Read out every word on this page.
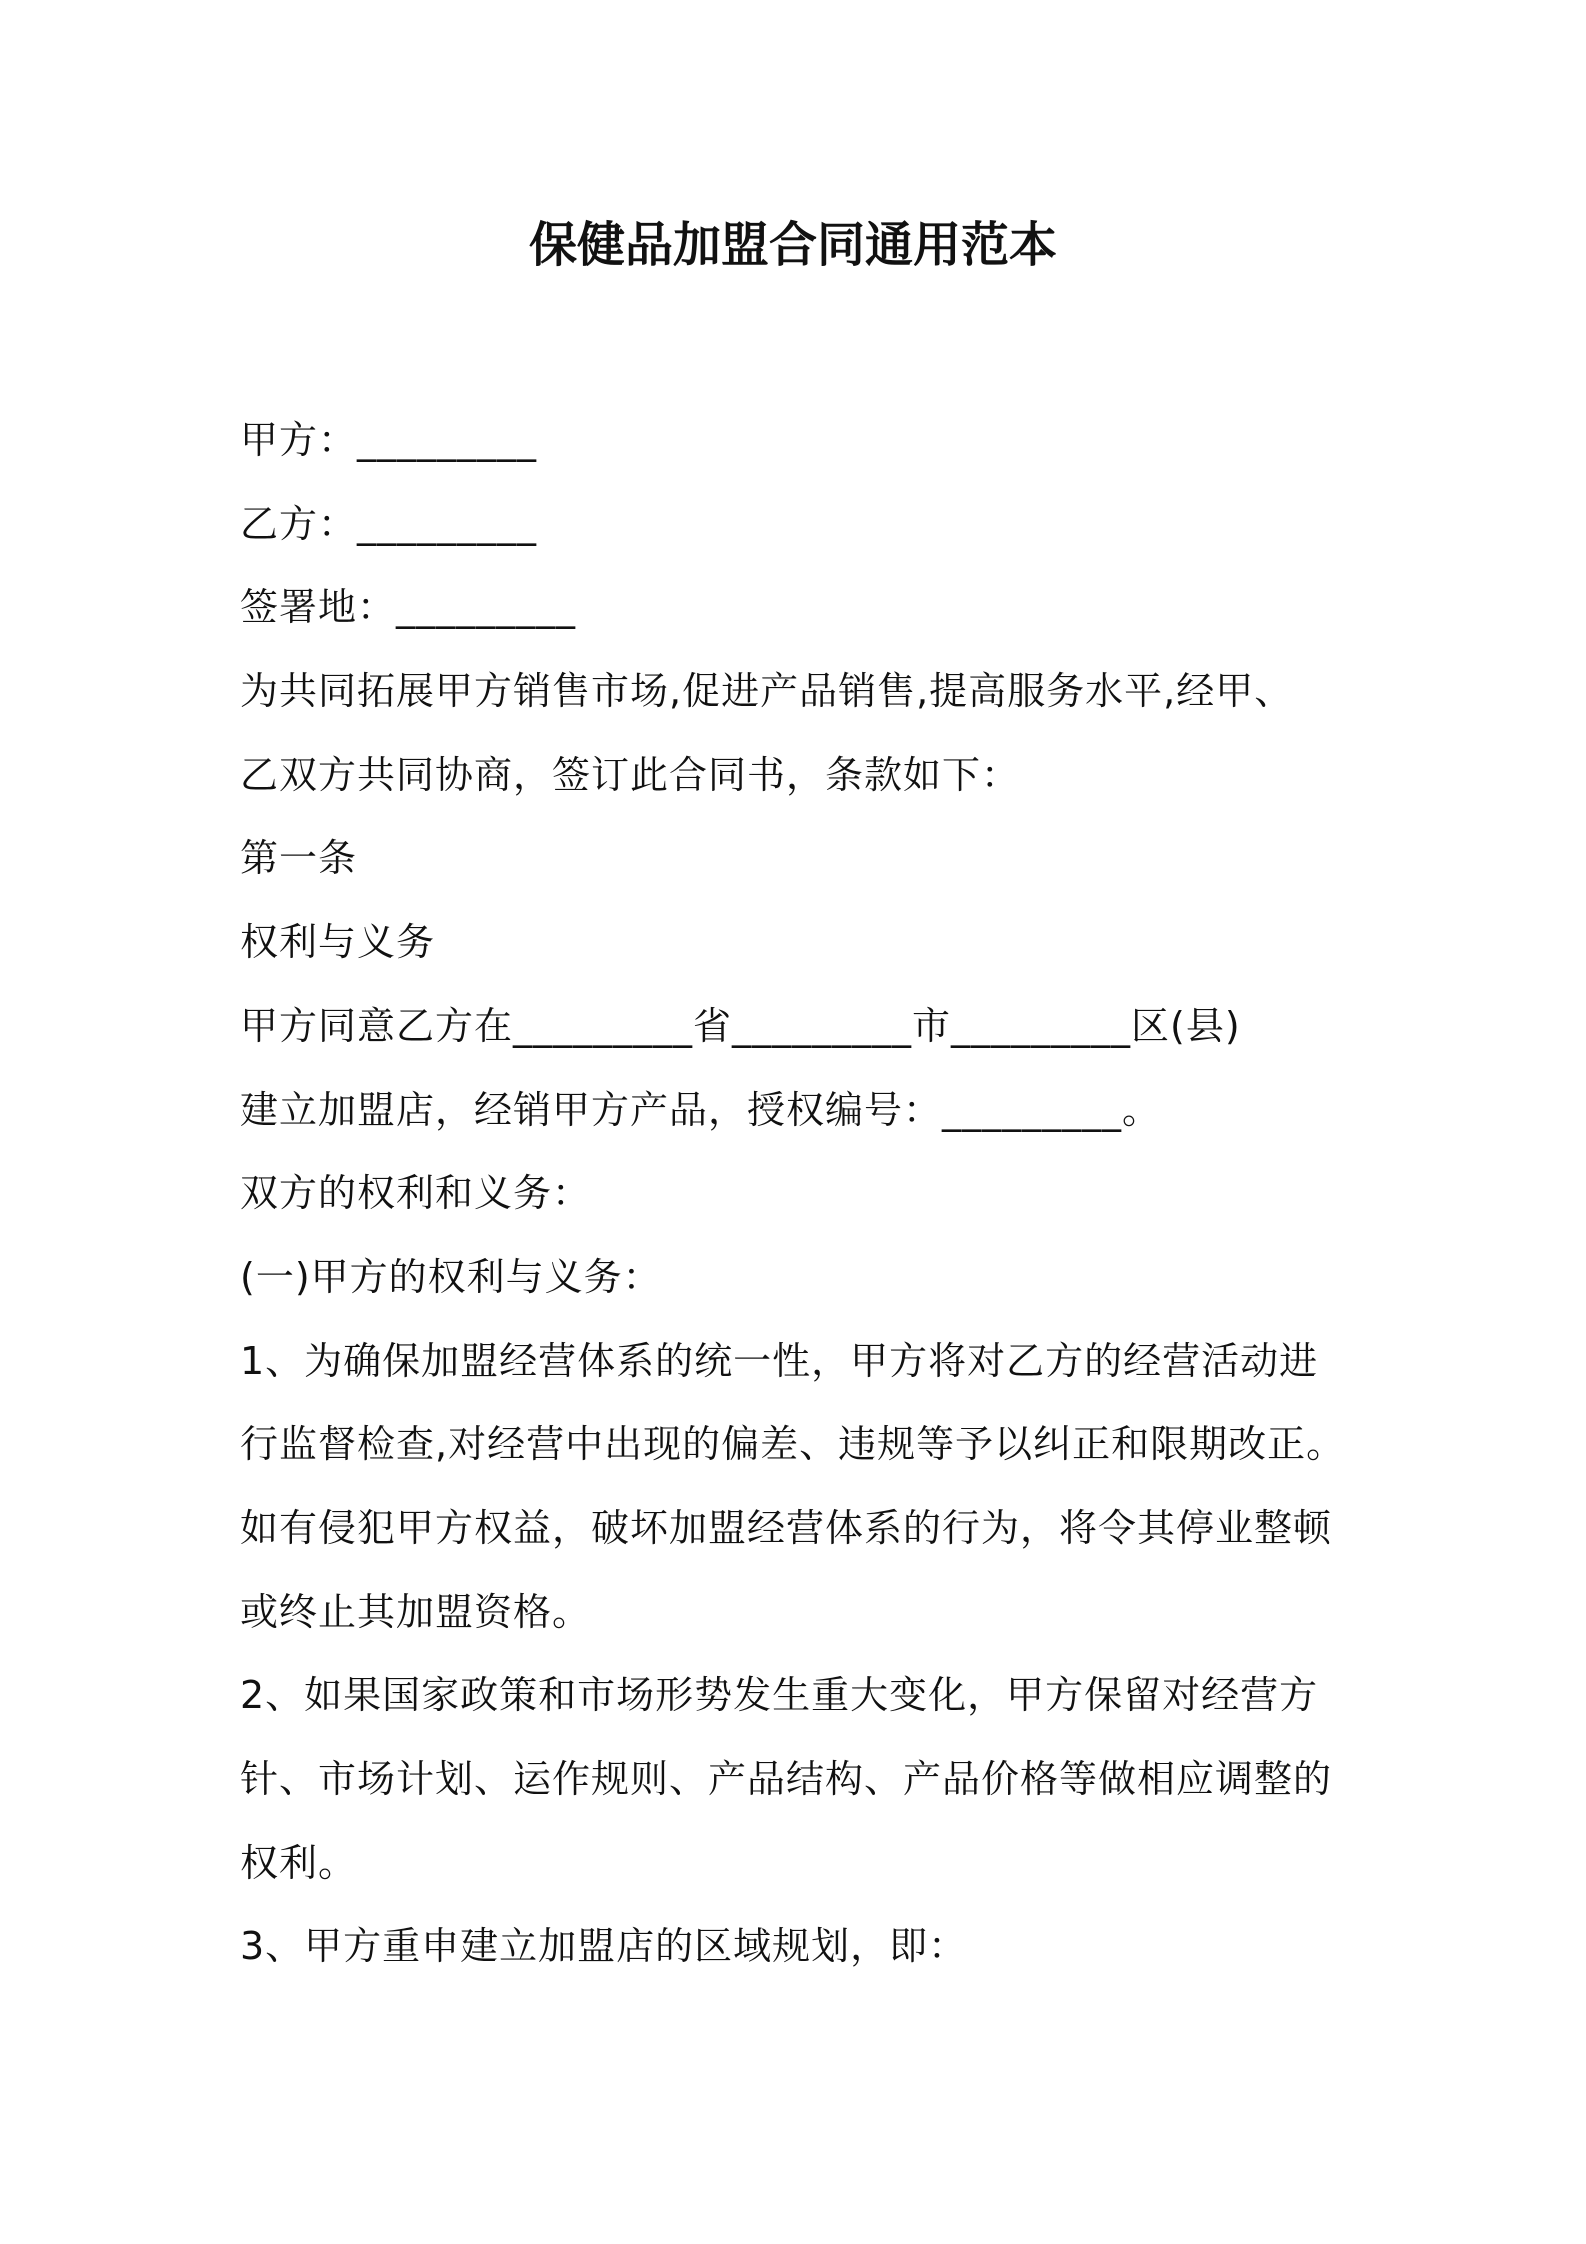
保健品加盟合同通用范本

甲方：_________

乙方：_________

签署地：_________

为共同拓展甲方销售市场,促进产品销售,提高服务水平,经甲、

乙双方共同协商，签订此合同书，条款如下：

第一条

权利与义务

甲方同意乙方在_________省_________市_________区(县)

建立加盟店，经销甲方产品，授权编号：_________。

双方的权利和义务：

(一)甲方的权利与义务：

1、为确保加盟经营体系的统一性，甲方将对乙方的经营活动进

行监督检查,对经营中出现的偏差、违规等予以纠正和限期改正。

如有侵犯甲方权益，破坏加盟经营体系的行为，将令其停业整顿

或终止其加盟资格。

2、如果国家政策和市场形势发生重大变化，甲方保留对经营方

针、市场计划、运作规则、产品结构、产品价格等做相应调整的

权利。

3、甲方重申建立加盟店的区域规划，即：
